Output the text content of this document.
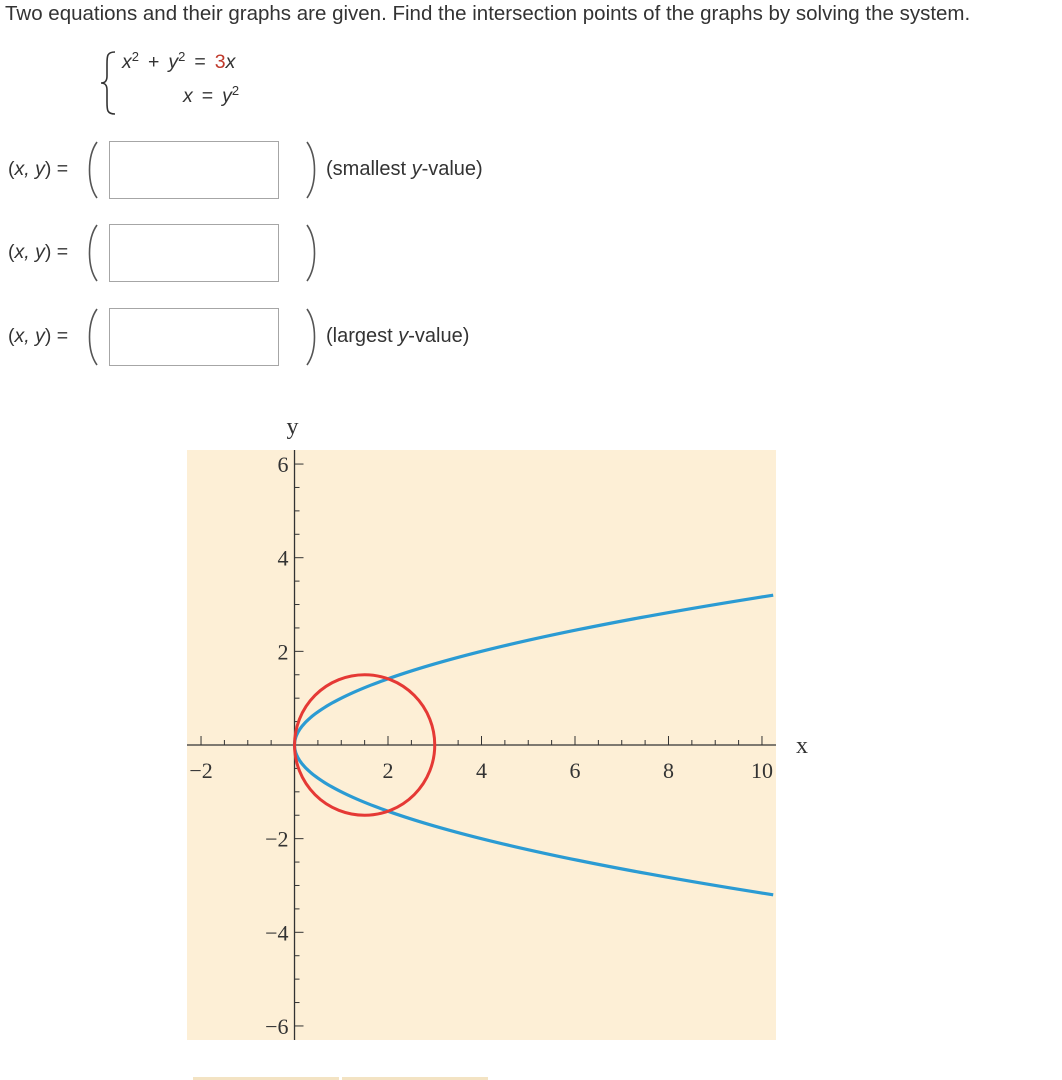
Two equations and their graphs are given. Find the intersection points of the graphs by solving the system.

$x^2 + y^2 = 3x$
$x = y^2$
(x, y) =	(smallest y-value)
(x, y) =
(x, y) =	(largest y-value)
−2	2	4	6	8	10
−6
−4
−2
2
4
6
x
y
